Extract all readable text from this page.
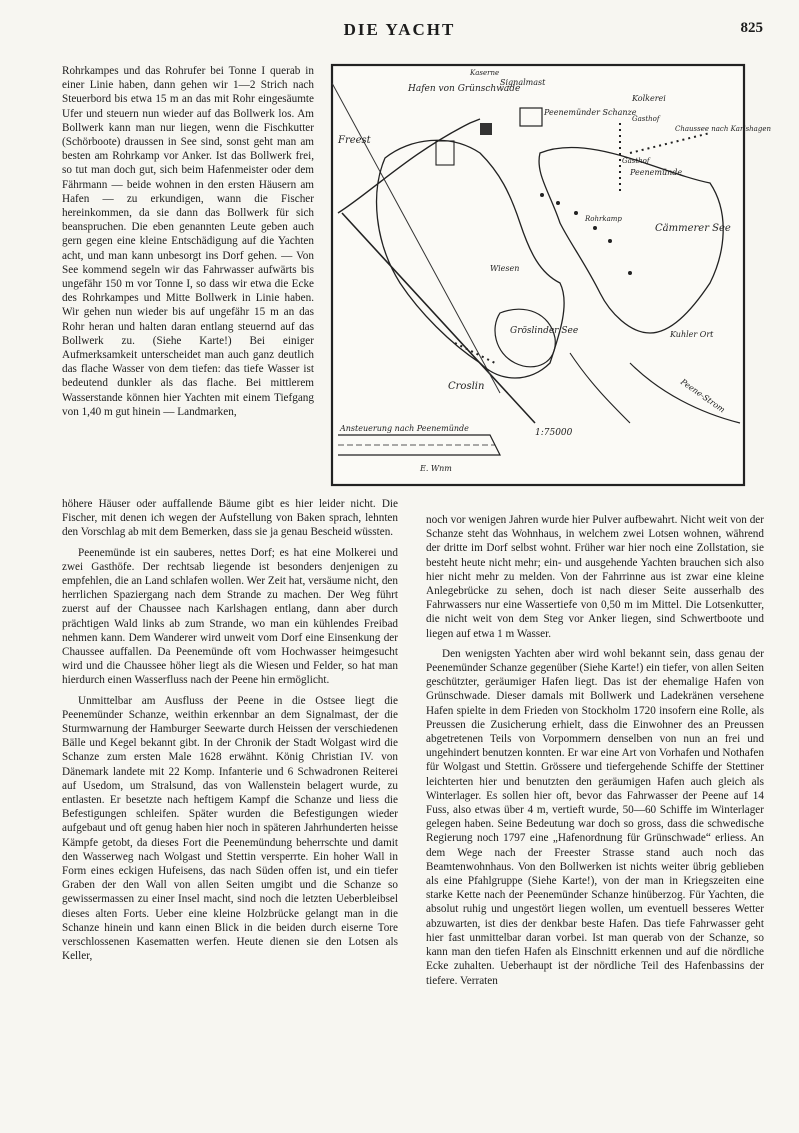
DIE YACHT	825
Hafen von Grünschwade
Signalmast
Peenemünder Schanze
Kaserne
Kolkerei
Chaussee nach Karlshagen
Gasthof
Gasthof
Peenemünde
Freest
Cämmerer See
Wiesen
Gröslinder See
Croslin
Kuhler Ort
Peene-Strom
Ansteuerung nach Peenemünde	1:75000
Rohrkamp
E. Wnm

Rohrkampes und das Rohrufer bei Tonne I querab in einer Linie haben, dann gehen wir 1—2 Strich nach Steuerbord bis etwa 15 m an das mit Rohr eingesäumte Ufer und steuern nun wieder auf das Bollwerk los. Am Bollwerk kann man nur liegen, wenn die Fischkutter (Schörboote) draussen in See sind, sonst geht man am besten am Rohrkamp vor Anker. Ist das Bollwerk frei, so tut man doch gut, sich beim Hafenmeister oder dem Fährmann — beide wohnen in den ersten Häusern am Hafen — zu erkundigen, wann die Fischer hereinkommen, da sie dann das Bollwerk für sich beanspruchen. Die eben genannten Leute geben auch gern gegen eine kleine Entschädigung auf die Yachten acht, und man kann unbesorgt ins Dorf gehen. — Von See kommend segeln wir das Fahrwasser aufwärts bis ungefähr 150 m vor Tonne I, so dass wir etwa die Ecke des Rohrkampes und Mitte Bollwerk in Linie haben. Wir gehen nun wieder bis auf ungefähr 15 m an das Rohr heran und halten daran entlang steuernd auf das Bollwerk zu. (Siehe Karte!) Bei einiger Aufmerksamkeit unterscheidet man auch ganz deutlich das flache Wasser von dem tiefen: das tiefe Wasser ist bedeutend dunkler als das flache. Bei mittlerem Wasserstande können hier Yachten mit einem Tiefgang von 1,40 m gut hinein — Landmarken,

höhere Häuser oder auffallende Bäume gibt es hier leider nicht. Die Fischer, mit denen ich wegen der Aufstellung von Baken sprach, lehnten den Vorschlag ab mit dem Bemerken, dass sie ja genau Bescheid wüssten.

Peenemünde ist ein sauberes, nettes Dorf; es hat eine Molkerei und zwei Gasthöfe. Der rechtsab liegende ist besonders denjenigen zu empfehlen, die an Land schlafen wollen. Wer Zeit hat, versäume nicht, den herrlichen Spaziergang nach dem Strande zu machen. Der Weg führt zuerst auf der Chaussee nach Karlshagen entlang, dann aber durch prächtigen Wald links ab zum Strande, wo man ein kühlendes Freibad nehmen kann. Dem Wanderer wird unweit vom Dorf eine Einsenkung der Chaussee auffallen. Da Peenemünde oft vom Hochwasser heimgesucht wird und die Chaussee höher liegt als die Wiesen und Felder, so hat man hierdurch einen Wasserfluss nach der Peene hin ermöglicht.

Unmittelbar am Ausfluss der Peene in die Ostsee liegt die Peenemünder Schanze, weithin erkennbar an dem Signalmast, der die Sturmwarnung der Hamburger Seewarte durch Heissen der verschiedenen Bälle und Kegel bekannt gibt. In der Chronik der Stadt Wolgast wird die Schanze zum ersten Male 1628 erwähnt. König Christian IV. von Dänemark landete mit 22 Komp. Infanterie und 6 Schwadronen Reiterei auf Usedom, um Stralsund, das von Wallenstein belagert wurde, zu entlasten. Er besetzte nach heftigem Kampf die Schanze und liess die Befestigungen schleifen. Später wurden die Befestigungen wieder aufgebaut und oft genug haben hier noch in späteren Jahrhunderten heisse Kämpfe getobt, da dieses Fort die Peenemündung beherrschte und damit den Wasserweg nach Wolgast und Stettin versperrte. Ein hoher Wall in Form eines eckigen Hufeisens, das nach Süden offen ist, und ein tiefer Graben der den Wall von allen Seiten umgibt und die Schanze so gewissermassen zu einer Insel macht, sind noch die letzten Ueberbleibsel dieses alten Forts. Ueber eine kleine Holzbrücke gelangt man in die Schanze hinein und kann einen Blick in die beiden durch eiserne Tore verschlossenen Kasematten werfen. Heute dienen sie den Lotsen als Keller,

noch vor wenigen Jahren wurde hier Pulver aufbewahrt. Nicht weit von der Schanze steht das Wohnhaus, in welchem zwei Lotsen wohnen, während der dritte im Dorf selbst wohnt. Früher war hier noch eine Zollstation, sie besteht heute nicht mehr; ein- und ausgehende Yachten brauchen sich also hier nicht mehr zu melden. Von der Fahrrinne aus ist zwar eine kleine Anlegebrücke zu sehen, doch ist nach dieser Seite ausserhalb des Fahrwassers nur eine Wassertiefe von 0,50 m im Mittel. Die Lotsenkutter, die nicht weit von dem Steg vor Anker liegen, sind Schwertboote und liegen auf etwa 1 m Wasser.

Den wenigsten Yachten aber wird wohl bekannt sein, dass genau der Peenemünder Schanze gegenüber (Siehe Karte!) ein tiefer, von allen Seiten geschützter, geräumiger Hafen liegt. Das ist der ehemalige Hafen von Grünschwade. Dieser damals mit Bollwerk und Ladekränen versehene Hafen spielte in dem Frieden von Stockholm 1720 insofern eine Rolle, als Preussen die Zusicherung erhielt, dass die Einwohner des an Preussen abgetretenen Teils von Vorpommern denselben von nun an frei und ungehindert benutzen konnten. Er war eine Art von Vorhafen und Nothafen für Wolgast und Stettin. Grössere und tiefergehende Schiffe der Stettiner leichterten hier und benutzten den geräumigen Hafen auch gleich als Winterlager. Es sollen hier oft, bevor das Fahrwasser der Peene auf 14 Fuss, also etwas über 4 m, vertieft wurde, 50—60 Schiffe im Winterlager gelegen haben. Seine Bedeutung war doch so gross, dass die schwedische Regierung noch 1797 eine „Hafenordnung für Grünschwade“ erliess. An dem Wege nach der Freester Strasse stand auch noch das Beamtenwohnhaus. Von den Bollwerken ist nichts weiter übrig geblieben als eine Pfahlgruppe (Siehe Karte!), von der man in Kriegszeiten eine starke Kette nach der Peenemünder Schanze hinüberzog. Für Yachten, die absolut ruhig und ungestört liegen wollen, um eventuell besseres Wetter abzuwarten, ist dies der denkbar beste Hafen. Das tiefe Fahrwasser geht hier fast unmittelbar daran vorbei. Ist man querab von der Schanze, so kann man den tiefen Hafen als Einschnitt erkennen und auf die nördliche Ecke zuhalten. Ueberhaupt ist der nördliche Teil des Hafenbassins der tiefere. Verraten
